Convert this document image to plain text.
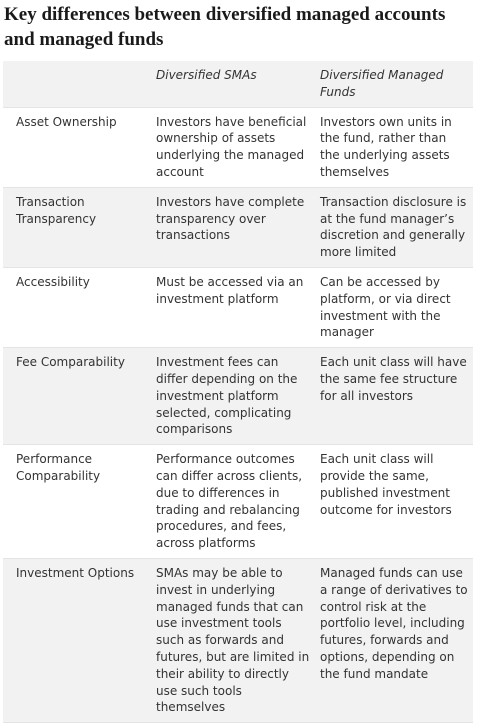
Key differences between diversified managed accounts and managed funds
	Diversified SMAs	Diversified Managed Funds
Asset Ownership	Investors have beneficial ownership of assets underlying the managed account	Investors own units in the fund, rather than the underlying assets themselves
Transaction Transparency	Investors have complete transparency over transactions	Transaction disclosure is at the fund manager’s discretion and generally more limited
Accessibility	Must be accessed via an investment platform	Can be accessed by platform, or via direct investment with the manager
Fee Comparability	Investment fees can differ depending on the investment platform selected, complicating comparisons	Each unit class will have the same fee structure for all investors
Performance Comparability	Performance outcomes can differ across clients, due to differences in trading and rebalancing procedures, and fees, across platforms	Each unit class will provide the same, published investment outcome for investors
Investment Options	SMAs may be able to invest in underlying managed funds that can use investment tools such as forwards and futures, but are limited in their ability to directly use such tools themselves	Managed funds can use a range of derivatives to control risk at the portfolio level, including futures, forwards and options, depending on the fund mandate
